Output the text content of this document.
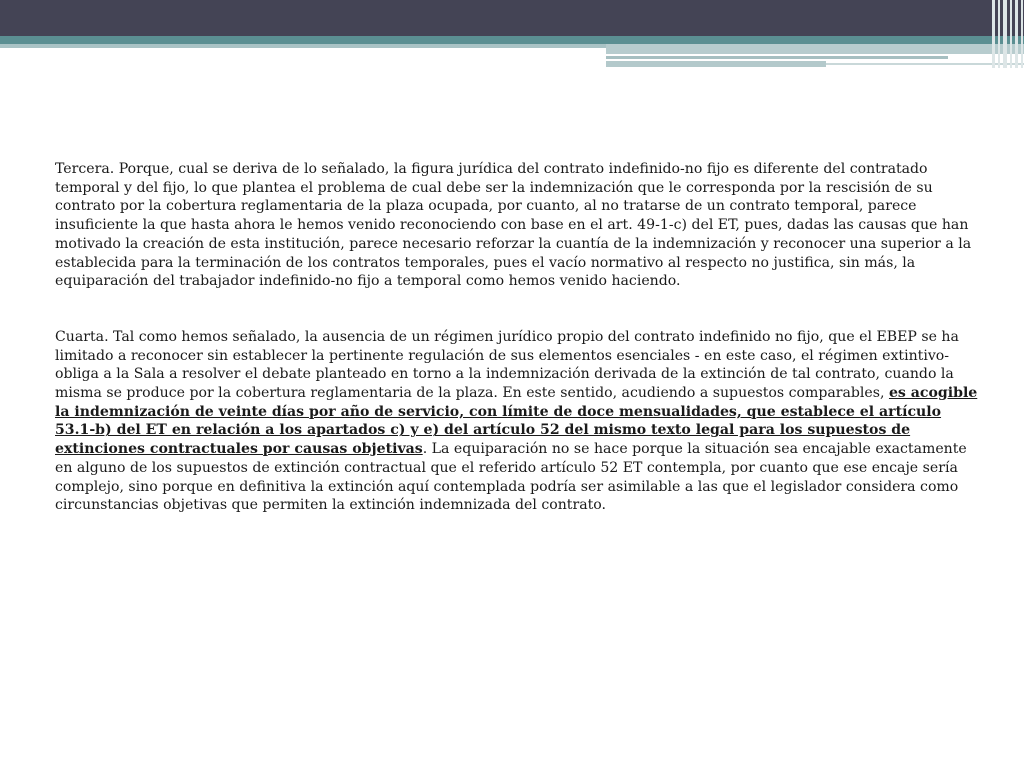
Tercera. Porque, cual se deriva de lo señalado, la figura jurídica del contrato indefinido-no fijo es diferente del contratado temporal y del fijo, lo que plantea el problema de cual debe ser la indemnización que le corresponda por la rescisión de su contrato por la cobertura reglamentaria de la plaza ocupada, por cuanto, al no tratarse de un contrato temporal, parece insuficiente la que hasta ahora le hemos venido reconociendo con base en el art. 49-1-c) del ET, pues, dadas las causas que han motivado la creación de esta institución, parece necesario reforzar la cuantía de la indemnización y reconocer una superior a la establecida para la terminación de los contratos temporales, pues el vacío normativo al respecto no justifica, sin más, la equiparación del trabajador indefinido-no fijo a temporal como hemos venido haciendo.

Cuarta. Tal como hemos señalado, la ausencia de un régimen jurídico propio del contrato indefinido no fijo, que el EBEP se ha limitado a reconocer sin establecer la pertinente regulación de sus elementos esenciales - en este caso, el régimen extintivo- obliga a la Sala a resolver el debate planteado en torno a la indemnización derivada de la extinción de tal contrato, cuando la misma se produce por la cobertura reglamentaria de la plaza. En este sentido, acudiendo a supuestos comparables, es acogible la indemnización de veinte días por año de servicio, con límite de doce mensualidades, que establece el artículo 53.1-b) del ET en relación a los apartados c) y e) del artículo 52 del mismo texto legal para los supuestos de extinciones contractuales por causas objetivas. La equiparación no se hace porque la situación sea encajable exactamente en alguno de los supuestos de extinción contractual que el referido artículo 52 ET contempla, por cuanto que ese encaje sería complejo, sino porque en definitiva la extinción aquí contemplada podría ser asimilable a las que el legislador considera como circunstancias objetivas que permiten la extinción indemnizada del contrato.
